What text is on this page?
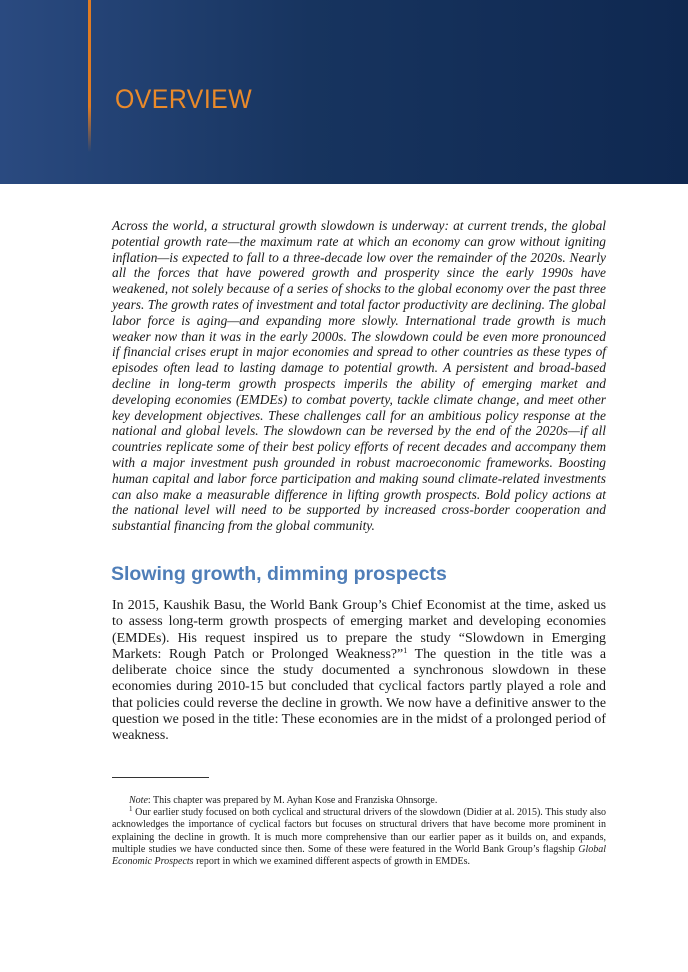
OVERVIEW

Across the world, a structural growth slowdown is underway: at current trends, the global potential growth rate—the maximum rate at which an economy can grow without igniting inflation—is expected to fall to a three-decade low over the remainder of the 2020s. Nearly all the forces that have powered growth and prosperity since the early 1990s have weakened, not solely because of a series of shocks to the global economy over the past three years. The growth rates of investment and total factor productivity are declining. The global labor force is aging—and expanding more slowly. International trade growth is much weaker now than it was in the early 2000s. The slowdown could be even more pronounced if financial crises erupt in major economies and spread to other countries as these types of episodes often lead to lasting damage to potential growth. A persistent and broad-based decline in long-term growth prospects imperils the ability of emerging market and developing economies (EMDEs) to combat poverty, tackle climate change, and meet other key development objectives. These challenges call for an ambitious policy response at the national and global levels. The slowdown can be reversed by the end of the 2020s—if all countries replicate some of their best policy efforts of recent decades and accompany them with a major investment push grounded in robust macroeconomic frameworks. Boosting human capital and labor force participation and making sound climate-related investments can also make a measurable difference in lifting growth prospects. Bold policy actions at the national level will need to be supported by increased cross-border cooperation and substantial financing from the global community.

Slowing growth, dimming prospects

In 2015, Kaushik Basu, the World Bank Group’s Chief Economist at the time, asked us to assess long-term growth prospects of emerging market and developing economies (EMDEs). His request inspired us to prepare the study “Slowdown in Emerging Markets: Rough Patch or Prolonged Weakness?”$^1$ The question in the title was a deliberate choice since the study documented a synchronous slowdown in these economies during 2010-15 but concluded that cyclical factors partly played a role and that policies could reverse the decline in growth. We now have a definitive answer to the question we posed in the title: These economies are in the midst of a prolonged period of weakness.

Note: This chapter was prepared by M. Ayhan Kose and Franziska Ohnsorge.

$^1$ Our earlier study focused on both cyclical and structural drivers of the slowdown (Didier at al. 2015). This study also acknowledges the importance of cyclical factors but focuses on structural drivers that have become more prominent in explaining the decline in growth. It is much more comprehensive than our earlier paper as it builds on, and expands, multiple studies we have conducted since then. Some of these were featured in the World Bank Group’s flagship Global Economic Prospects report in which we examined different aspects of growth in EMDEs.
